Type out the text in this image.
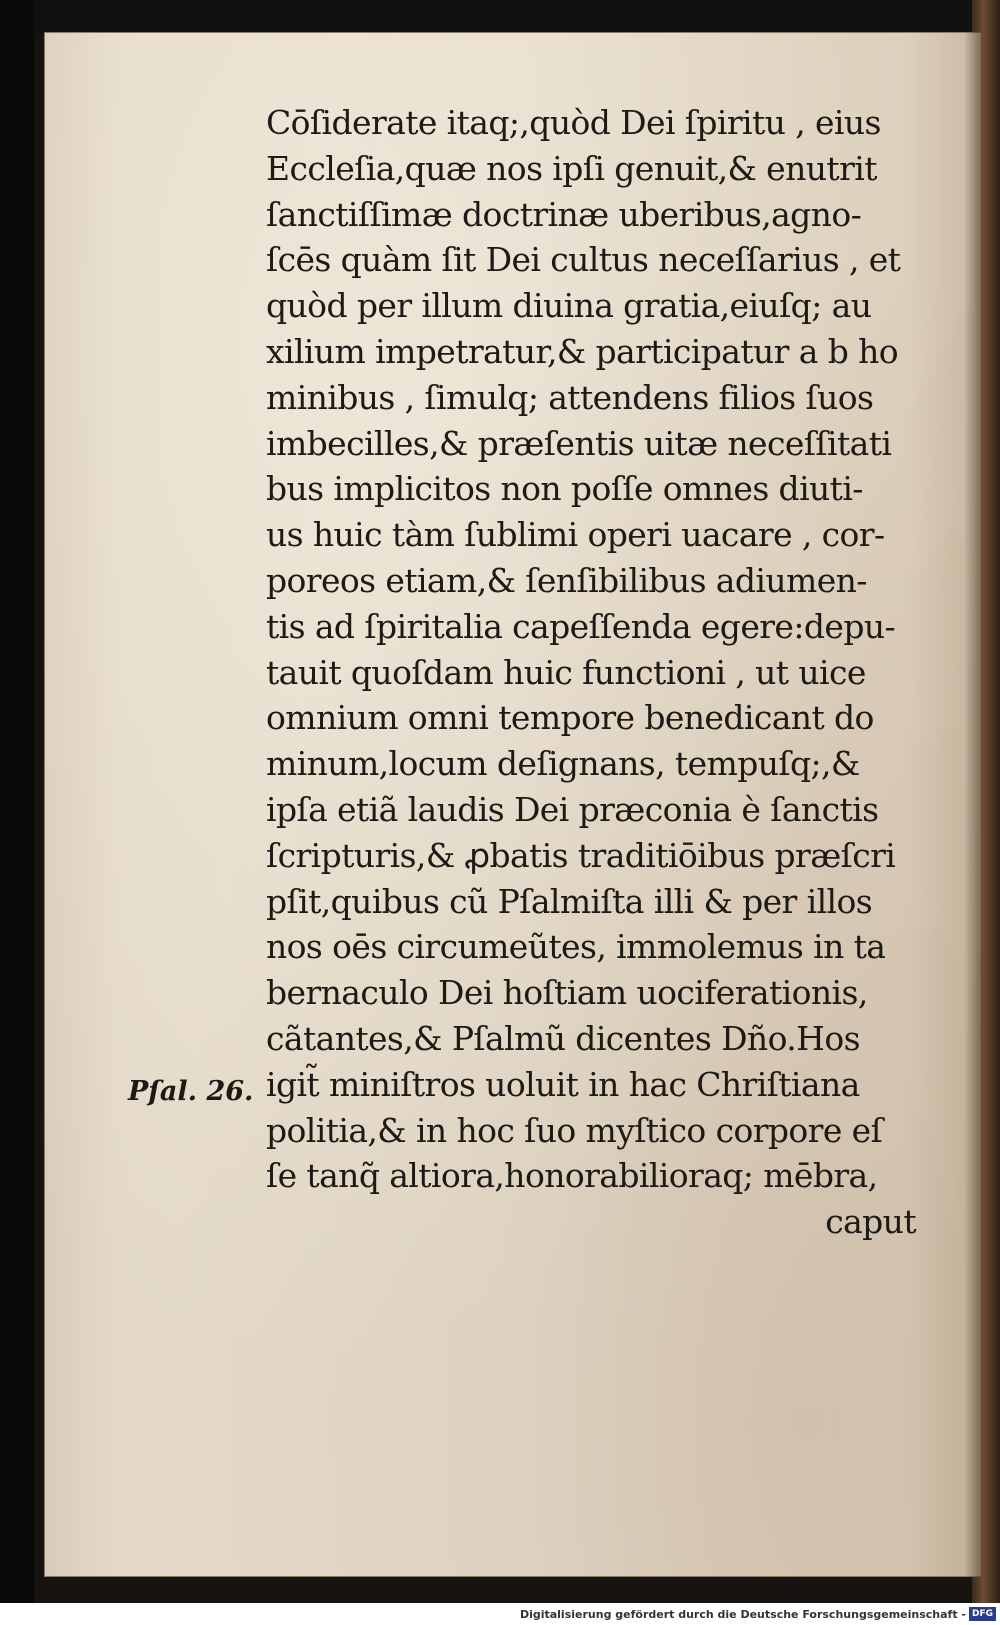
Cōſiderate itaq;,quòd Dei ſpiritu , eius
Eccleſia,quæ nos ipſi genuit,& enutrit
ſanctiſſimæ doctrinæ uberibus,agno-
ſcēs quàm ſit Dei cultus neceſſarius , et
quòd per illum diuina gratia,eiuſq; au
xilium impetratur,& participatur a b ho
minibus , ſimulq; attendens filios ſuos
imbecilles,& præſentis uitæ neceſſitati
bus implicitos non poſſe omnes diuti-
us huic tàm ſublimi operi uacare , cor-
poreos etiam,& ſenſibilibus adiumen-
tis ad ſpiritalia capeſſenda egere:depu-
tauit quoſdam huic functioni , ut uice
omnium omni tempore benedicant do
minum,locum deſignans, tempuſq;,&
ipſa etiã laudis Dei præconia è ſanctis
ſcripturis,& ꝓbatis traditiōibus præſcri
pſit,quibus cũ Pſalmiſta illi & per illos
nos oēs circumeũtes, immolemus in ta
bernaculo Dei hoſtiam uociferationis,
cãtantes,& Pſalmũ dicentes Dño.Hos
igit̃ miniſtros uoluit in hac Chriſtiana
politia,& in hoc ſuo myſtico corpore eſ
ſe tanq̃ altiora,honorabilioraq; mēbra,
caput
Pſal. 26.
Digitalisierung gefördert durch die Deutsche Forschungsgemeinschaft - DFG
